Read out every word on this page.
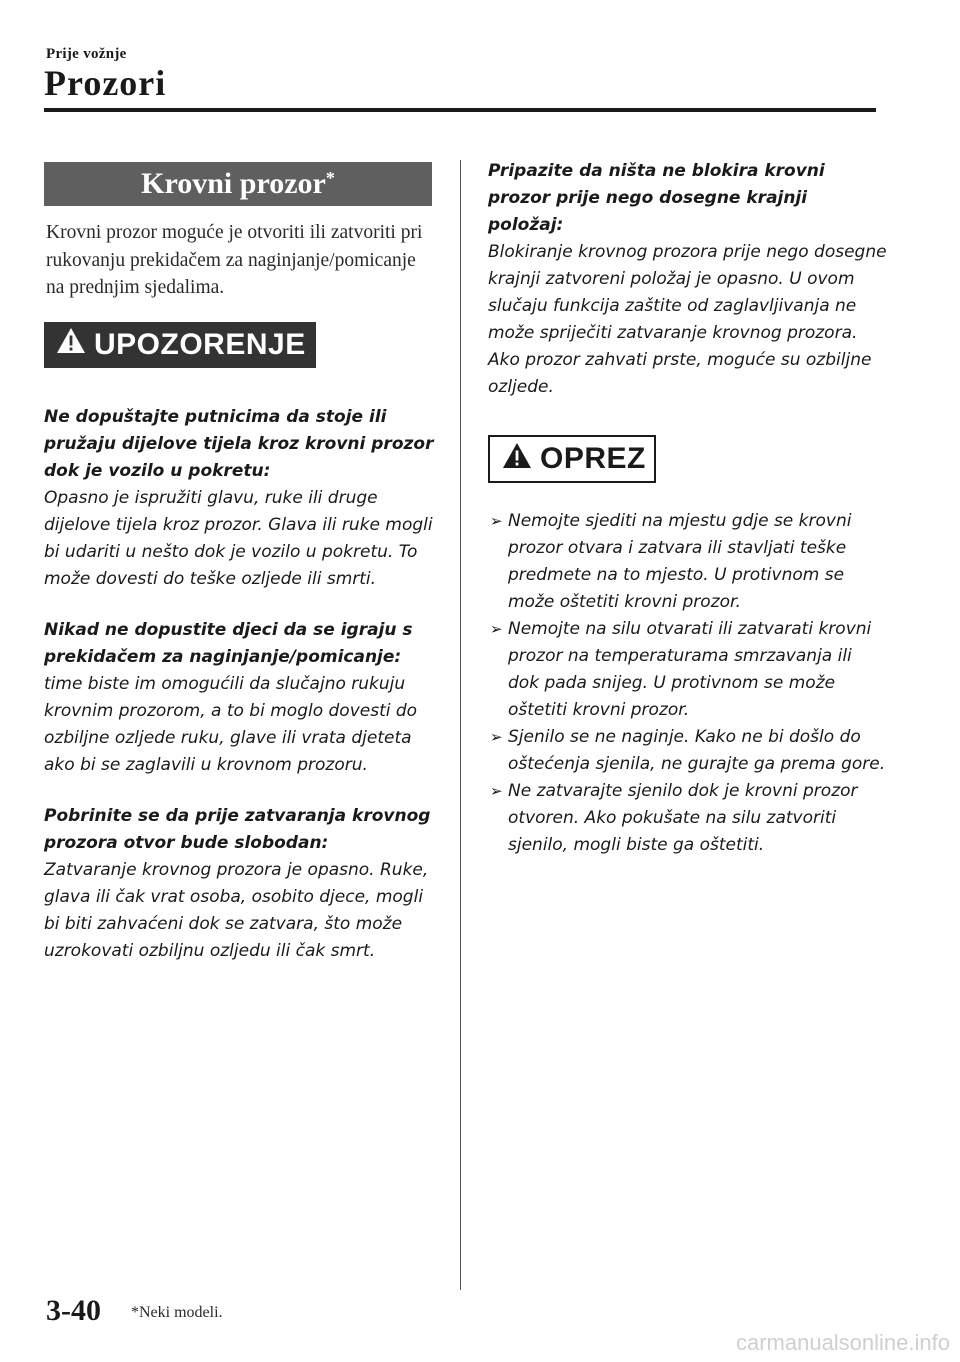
Prije vožnje
Prozori
Krovni prozor*

Krovni prozor moguće je otvoriti ili zatvoriti pri rukovanju prekidačem za naginjanje/pomicanje na prednjim sjedalima.

UPOZORENJE
Ne dopuštajte putnicima da stoje ili pružaju dijelove tijela kroz krovni prozor dok je vozilo u pokretu:
Opasno je ispružiti glavu, ruke ili druge dijelove tijela kroz prozor. Glava ili ruke mogli bi udariti u nešto dok je vozilo u pokretu. To može dovesti do teške ozljede ili smrti.
Nikad ne dopustite djeci da se igraju s prekidačem za naginjanje/pomicanje:
time biste im omogućili da slučajno rukuju krovnim prozorom, a to bi moglo dovesti do ozbiljne ozljede ruku, glave ili vrata djeteta ako bi se zaglavili u krovnom prozoru.
Pobrinite se da prije zatvaranja krovnog prozora otvor bude slobodan:
Zatvaranje krovnog prozora je opasno. Ruke, glava ili čak vrat osoba, osobito djece, mogli bi biti zahvaćeni dok se zatvara, što može uzrokovati ozbiljnu ozljedu ili čak smrt.
Pripazite da ništa ne blokira krovni prozor prije nego dosegne krajnji položaj:
Blokiranje krovnog prozora prije nego dosegne krajnji zatvoreni položaj je opasno. U ovom slučaju funkcija zaštite od zaglavljivanja ne može spriječiti zatvaranje krovnog prozora. Ako prozor zahvati prste, moguće su ozbiljne ozljede.
OPREZ
➢ Nemojte sjediti na mjestu gdje se krovni prozor otvara i zatvara ili stavljati teške predmete na to mjesto. U protivnom se može oštetiti krovni prozor.
➢ Nemojte na silu otvarati ili zatvarati krovni prozor na temperaturama smrzavanja ili dok pada snijeg. U protivnom se može oštetiti krovni prozor.
➢ Sjenilo se ne naginje. Kako ne bi došlo do oštećenja sjenila, ne gurajte ga prema gore.
➢ Ne zatvarajte sjenilo dok je krovni prozor otvoren. Ako pokušate na silu zatvoriti sjenilo, mogli biste ga oštetiti.
3-40 *Neki modeli.
carmanualsonline.info
